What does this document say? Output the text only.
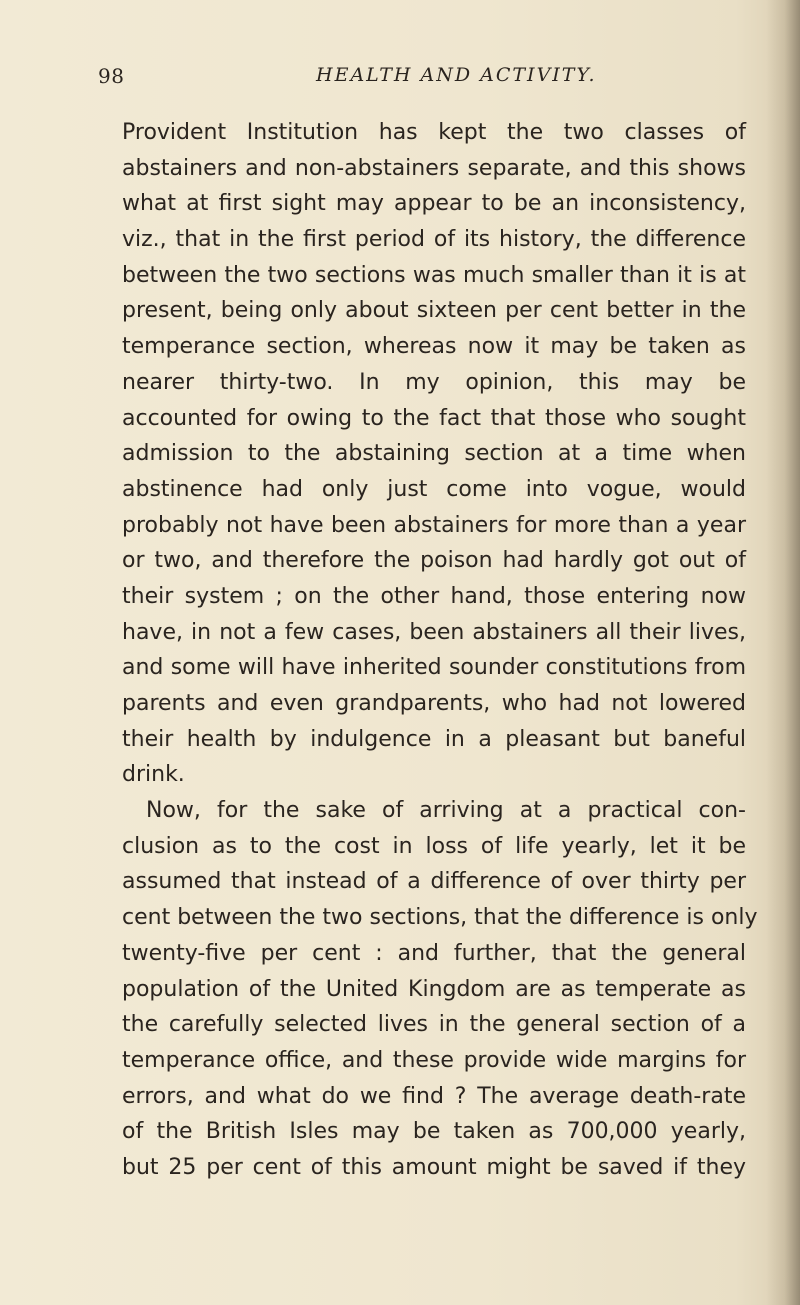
98	HEALTH AND ACTIVITY.
Provident Institution has kept the two classes of
abstainers and non-abstainers separate, and this shows
what at first sight may appear to be an inconsistency,
viz., that in the first period of its history, the difference
between the two sections was much smaller than it is at
present, being only about sixteen per cent better in the
temperance section, whereas now it may be taken as
nearer thirty-two. In my opinion, this may be
accounted for owing to the fact that those who sought
admission to the abstaining section at a time when
abstinence had only just come into vogue, would
probably not have been abstainers for more than a year
or two, and therefore the poison had hardly got out of
their system ; on the other hand, those entering now
have, in not a few cases, been abstainers all their lives,
and some will have inherited sounder constitutions from
parents and even grandparents, who had not lowered
their health by indulgence in a pleasant but baneful
drink.
Now, for the sake of arriving at a practical con-
clusion as to the cost in loss of life yearly, let it be
assumed that instead of a difference of over thirty per
cent between the two sections, that the difference is only
twenty-five per cent : and further, that the general
population of the United Kingdom are as temperate as
the carefully selected lives in the general section of a
temperance office, and these provide wide margins for
errors, and what do we find ? The average death-rate
of the British Isles may be taken as 700,000 yearly,
but 25 per cent of this amount might be saved if they
